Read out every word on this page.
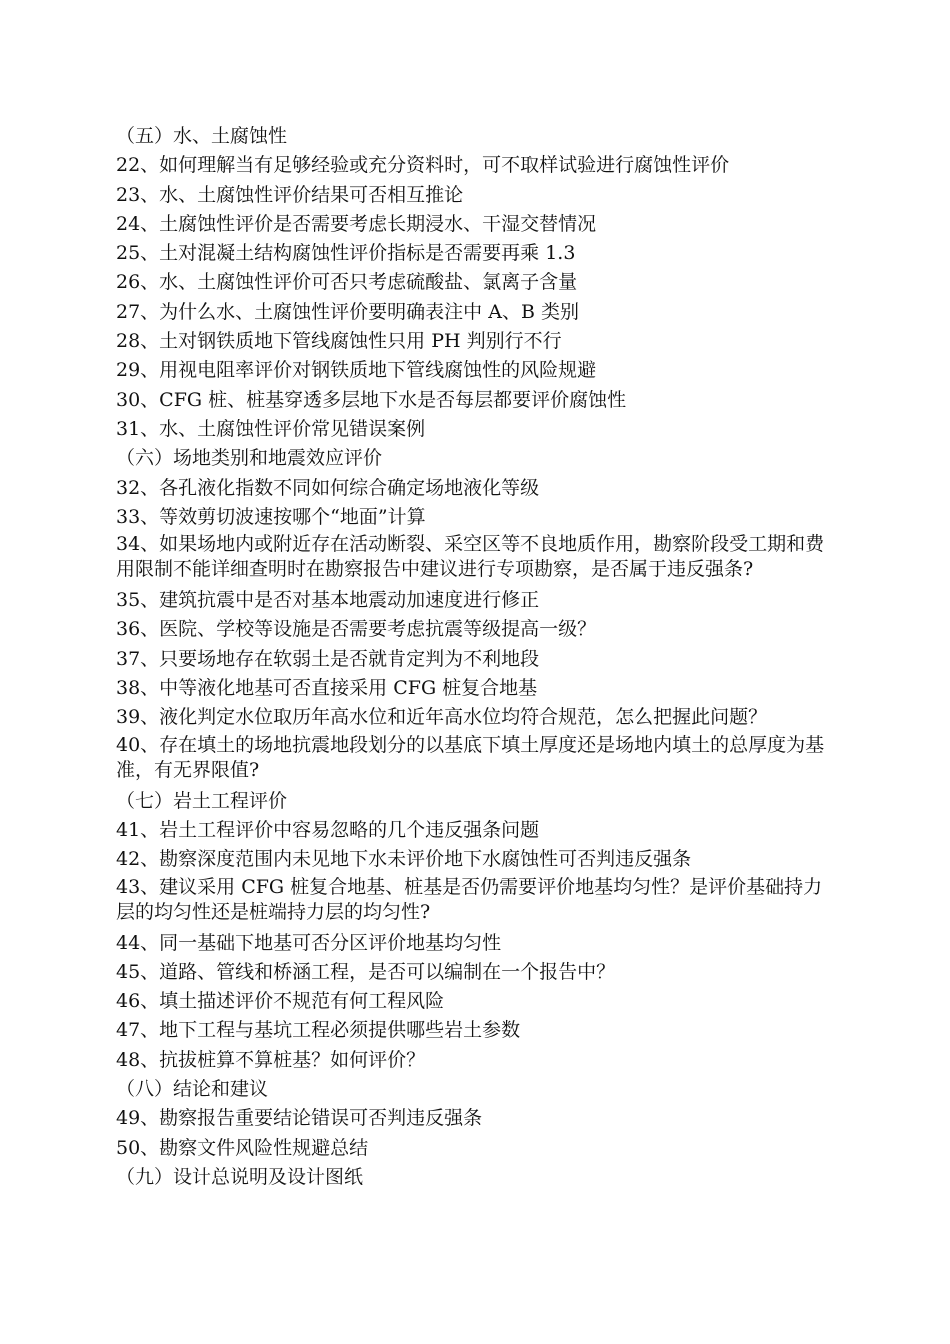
（五）水、土腐蚀性
22、如何理解当有足够经验或充分资料时，可不取样试验进行腐蚀性评价
23、水、土腐蚀性评价结果可否相互推论
24、土腐蚀性评价是否需要考虑长期浸水、干湿交替情况
25、土对混凝土结构腐蚀性评价指标是否需要再乘 1.3
26、水、土腐蚀性评价可否只考虑硫酸盐、氯离子含量
27、为什么水、土腐蚀性评价要明确表注中 A、B 类别
28、土对钢铁质地下管线腐蚀性只用 PH 判别行不行
29、用视电阻率评价对钢铁质地下管线腐蚀性的风险规避
30、CFG 桩、桩基穿透多层地下水是否每层都要评价腐蚀性
31、水、土腐蚀性评价常见错误案例
（六）场地类别和地震效应评价
32、各孔液化指数不同如何综合确定场地液化等级
33、等效剪切波速按哪个“地面”计算
34、如果场地内或附近存在活动断裂、采空区等不良地质作用，勘察阶段受工期和费用限制不能详细查明时在勘察报告中建议进行专项勘察，是否属于违反强条?
35、建筑抗震中是否对基本地震动加速度进行修正
36、医院、学校等设施是否需要考虑抗震等级提高一级？
37、只要场地存在软弱土是否就肯定判为不利地段
38、中等液化地基可否直接采用 CFG 桩复合地基
39、液化判定水位取历年高水位和近年高水位均符合规范，怎么把握此问题？
40、存在填土的场地抗震地段划分的以基底下填土厚度还是场地内填土的总厚度为基准，有无界限值?
（七）岩土工程评价
41、岩土工程评价中容易忽略的几个违反强条问题
42、勘察深度范围内未见地下水未评价地下水腐蚀性可否判违反强条
43、建议采用 CFG 桩复合地基、桩基是否仍需要评价地基均匀性？是评价基础持力层的均匀性还是桩端持力层的均匀性?
44、同一基础下地基可否分区评价地基均匀性
45、道路、管线和桥涵工程，是否可以编制在一个报告中？
46、填土描述评价不规范有何工程风险
47、地下工程与基坑工程必须提供哪些岩土参数
48、抗拔桩算不算桩基？如何评价？
（八）结论和建议
49、勘察报告重要结论错误可否判违反强条
50、勘察文件风险性规避总结
（九）设计总说明及设计图纸
